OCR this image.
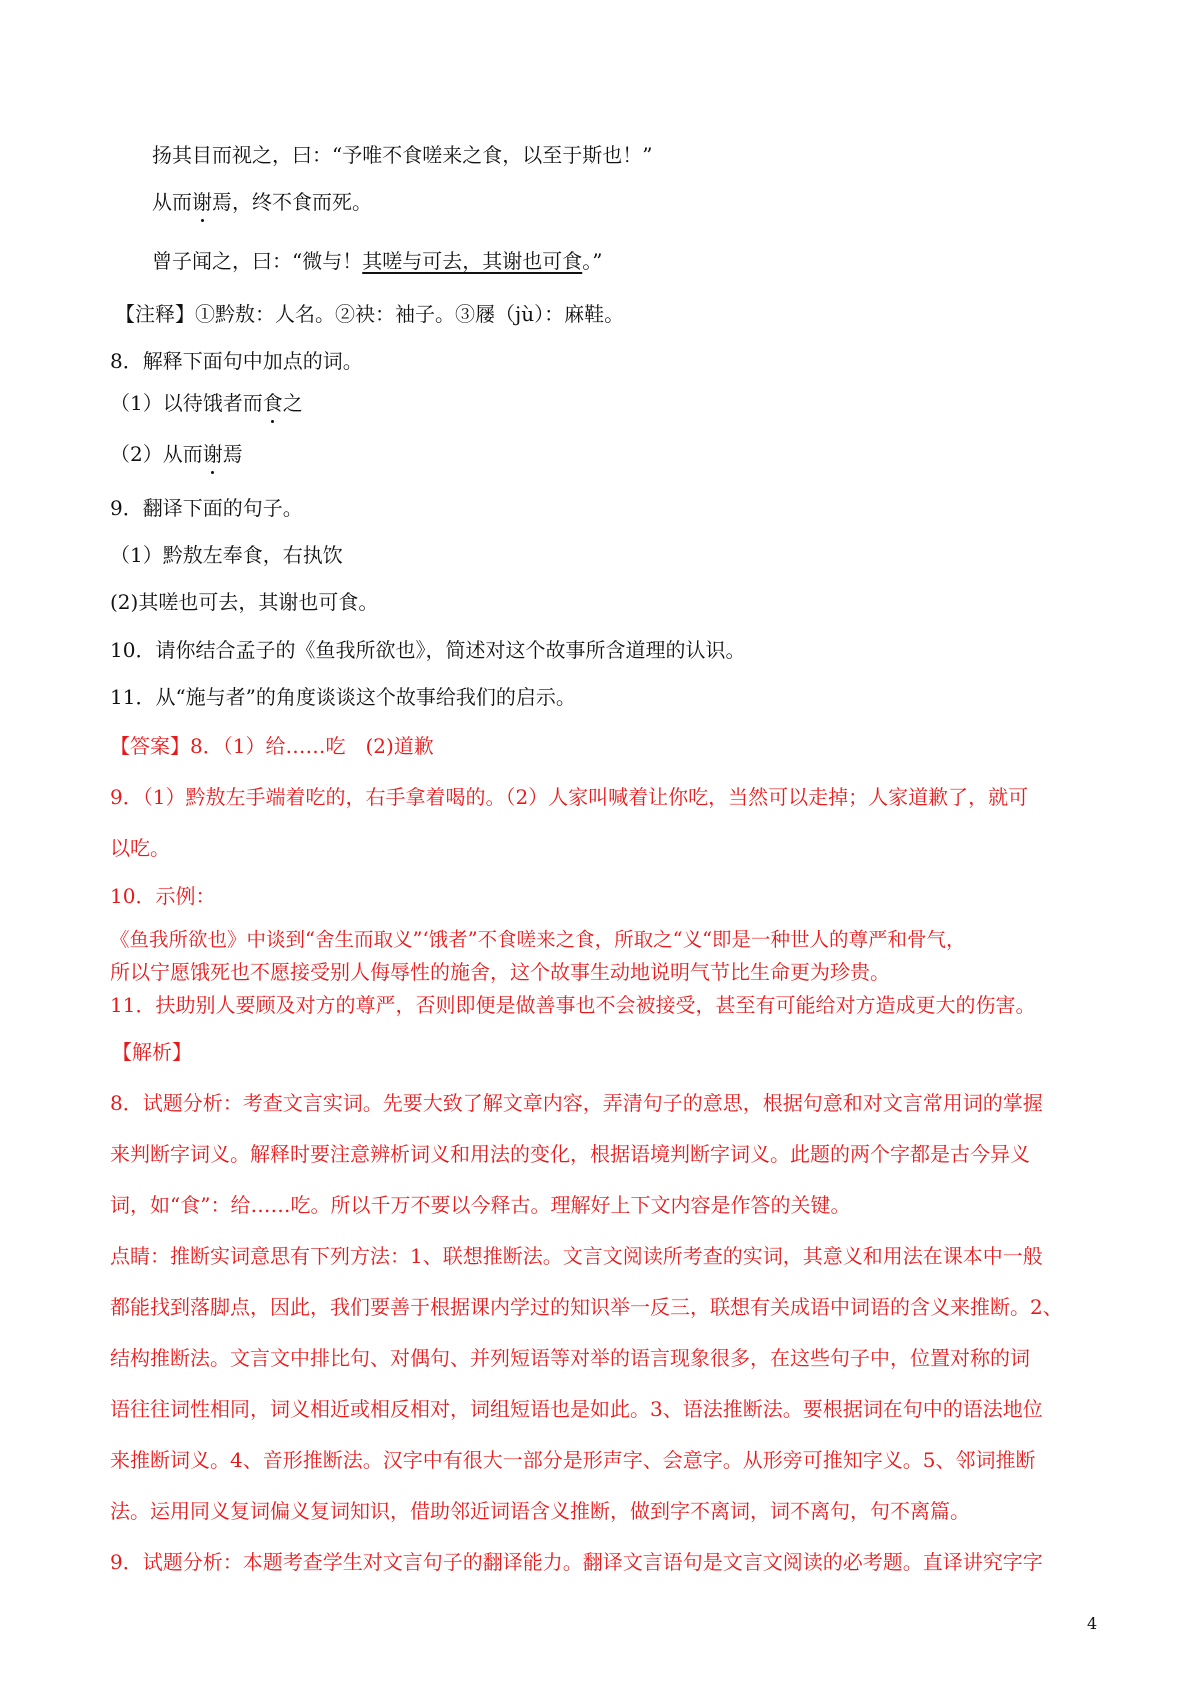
扬其目而视之，曰：“予唯不食嗟来之食，以至于斯也！”
从而谢焉，终不食而死。
曾子闻之，曰：“微与！其嗟与可去，其谢也可食。”
【注释】①黔敖：人名。②袂：袖子。③屦（jù）：麻鞋。
8．解释下面句中加点的词。
（1）以待饿者而食之
（2）从而谢焉
9．翻译下面的句子。
（1）黔敖左奉食，右执饮
(2)其嗟也可去，其谢也可食。
10．请你结合孟子的《鱼我所欲也》，简述对这个故事所含道理的认识。
11．从“施与者”的角度谈谈这个故事给我们的启示。
【答案】8．（1）给……吃　(2)道歉
9．（1）黔敖左手端着吃的，右手拿着喝的。（2）人家叫喊着让你吃，当然可以走掉；人家道歉了，就可
以吃。
10．示例：
《鱼我所欲也》中谈到“舍生而取义”‘饿者”不食嗟来之食，所取之“义“即是一种世人的尊严和骨气，
所以宁愿饿死也不愿接受别人侮辱性的施舍，这个故事生动地说明气节比生命更为珍贵。
11．扶助别人要顾及对方的尊严，否则即便是做善事也不会被接受，甚至有可能给对方造成更大的伤害。
【解析】
8．试题分析：考查文言实词。先要大致了解文章内容，弄清句子的意思，根据句意和对文言常用词的掌握
来判断字词义。解释时要注意辨析词义和用法的变化，根据语境判断字词义。此题的两个字都是古今异义
词，如“食”：给……吃。所以千万不要以今释古。理解好上下文内容是作答的关键。
点睛：推断实词意思有下列方法：1、联想推断法。文言文阅读所考查的实词，其意义和用法在课本中一般
都能找到落脚点，因此，我们要善于根据课内学过的知识举一反三，联想有关成语中词语的含义来推断。2、
结构推断法。文言文中排比句、对偶句、并列短语等对举的语言现象很多，在这些句子中，位置对称的词
语往往词性相同，词义相近或相反相对，词组短语也是如此。3、语法推断法。要根据词在句中的语法地位
来推断词义。4、音形推断法。汉字中有很大一部分是形声字、会意字。从形旁可推知字义。5、邻词推断
法。运用同义复词偏义复词知识，借助邻近词语含义推断，做到字不离词，词不离句，句不离篇。
9．试题分析：本题考查学生对文言句子的翻译能力。翻译文言语句是文言文阅读的必考题。直译讲究字字
4
